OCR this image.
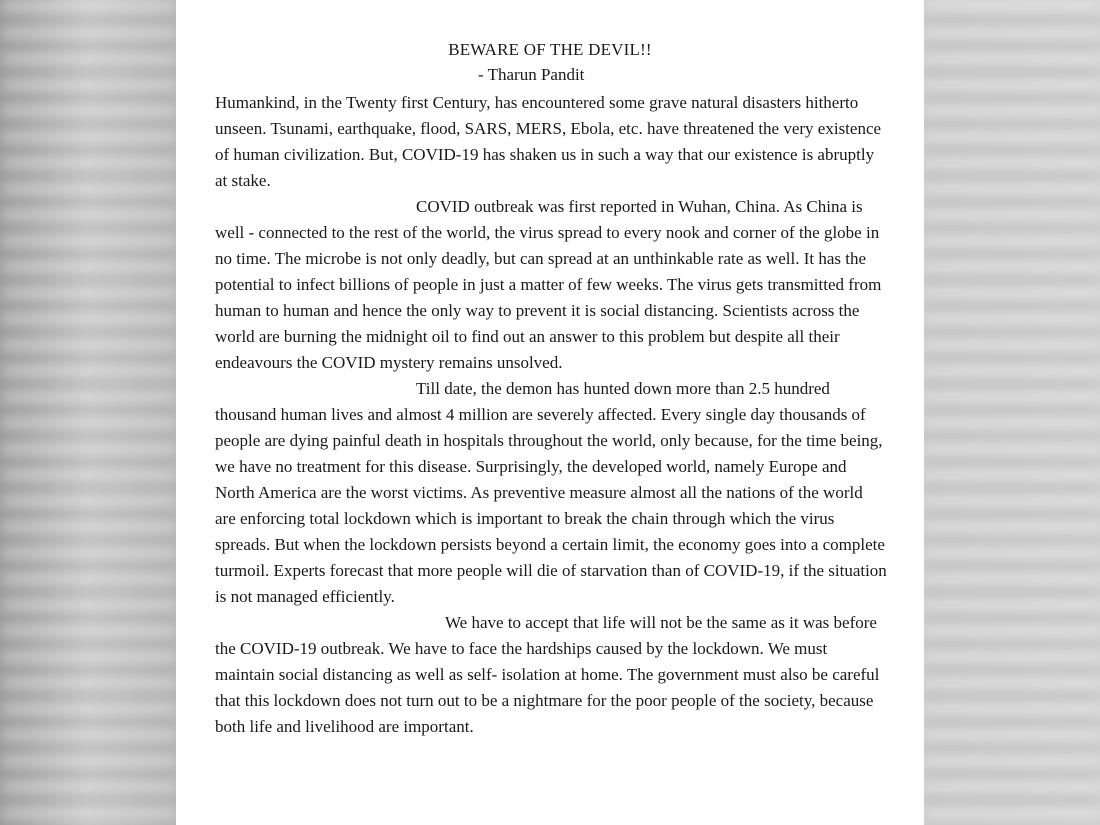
BEWARE OF THE DEVIL!!
- Tharun Pandit

Humankind, in the Twenty first Century, has encountered some grave natural disasters hitherto unseen. Tsunami, earthquake, flood, SARS, MERS, Ebola, etc. have threatened the very existence of human civilization. But, COVID-19 has shaken us in such a way that our existence is abruptly at stake.

COVID outbreak was first reported in Wuhan, China. As China is well - connected to the rest of the world, the virus spread to every nook and corner of the globe in no time. The microbe is not only deadly, but can spread at an unthinkable rate as well. It has the potential to infect billions of people in just a matter of few weeks. The virus gets transmitted from human to human and hence the only way to prevent it is social distancing. Scientists across the world are burning the midnight oil to find out an answer to this problem but despite all their endeavours the COVID mystery remains unsolved.

Till date, the demon has hunted down more than 2.5 hundred thousand human lives and almost 4 million are severely affected. Every single day thousands of people are dying painful death in hospitals throughout the world, only because, for the time being, we have no treatment for this disease. Surprisingly, the developed world, namely Europe and North America are the worst victims. As preventive measure almost all the nations of the world are enforcing total lockdown which is important to break the chain through which the virus spreads. But when the lockdown persists beyond a certain limit, the economy goes into a complete turmoil. Experts forecast that more people will die of starvation than of COVID-19, if the situation is not managed efficiently.

We have to accept that life will not be the same as it was before the COVID-19 outbreak. We have to face the hardships caused by the lockdown. We must maintain social distancing as well as self- isolation at home. The government must also be careful that this lockdown does not turn out to be a nightmare for the poor people of the society, because both life and livelihood are important.
